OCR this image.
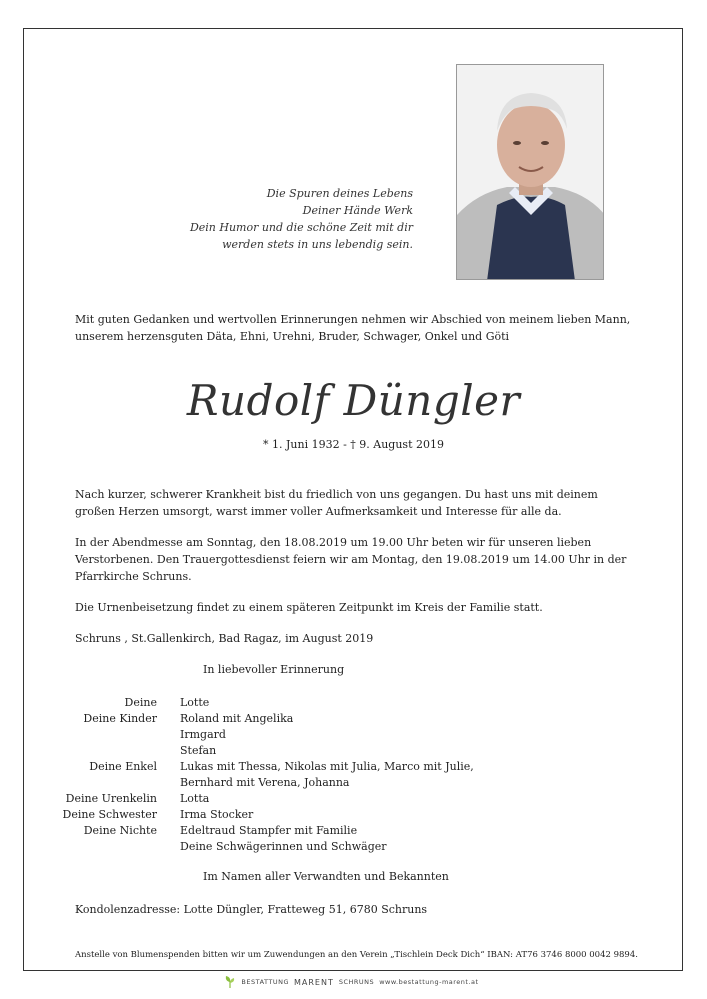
Die Spuren deines Lebens
Deiner Hände Werk
Dein Humor und die schöne Zeit mit dir
werden stets in uns lebendig sein.
Mit guten Gedanken und wertvollen Erinnerungen nehmen wir Abschied von meinem lieben Mann, unserem herzensguten Däta, Ehni, Urehni, Bruder, Schwager, Onkel und Göti
Rudolf Düngler
* 1. Juni 1932 - † 9. August 2019

Nach kurzer, schwerer Krankheit bist du friedlich von uns gegangen. Du hast uns mit deinem großen Herzen umsorgt, warst immer voller Aufmerksamkeit und Interesse für alle da.

In der Abendmesse am Sonntag, den 18.08.2019 um 19.00 Uhr beten wir für unseren lieben Verstorbenen. Den Trauergottesdienst feiern wir am Montag, den 19.08.2019 um 14.00 Uhr in der Pfarrkirche Schruns.

Die Urnenbeisetzung findet zu einem späteren Zeitpunkt im Kreis der Familie statt.

Schruns , St.Gallenkirch, Bad Ragaz, im August 2019

In liebevoller Erinnerung
Deine	Lotte
Deine Kinder	Roland mit Angelika
Irmgard
Stefan
Deine Enkel	Lukas mit Thessa, Nikolas mit Julia, Marco mit Julie,
Bernhard mit Verena, Johanna
Deine Urenkelin	Lotta
Deine Schwester	Irma Stocker
Deine Nichte	Edeltraud Stampfer mit Familie
Deine Schwägerinnen und Schwäger
Im Namen aller Verwandten und Bekannten
Kondolenzadresse: Lotte Düngler, Fratteweg 51, 6780 Schruns
Anstelle von Blumenspenden bitten wir um Zuwendungen an den Verein „Tischlein Deck Dich“ IBAN: AT76 3746 8000 0042 9894.
BESTATTUNG MARENT SCHRUNS www.bestattung-marent.at
